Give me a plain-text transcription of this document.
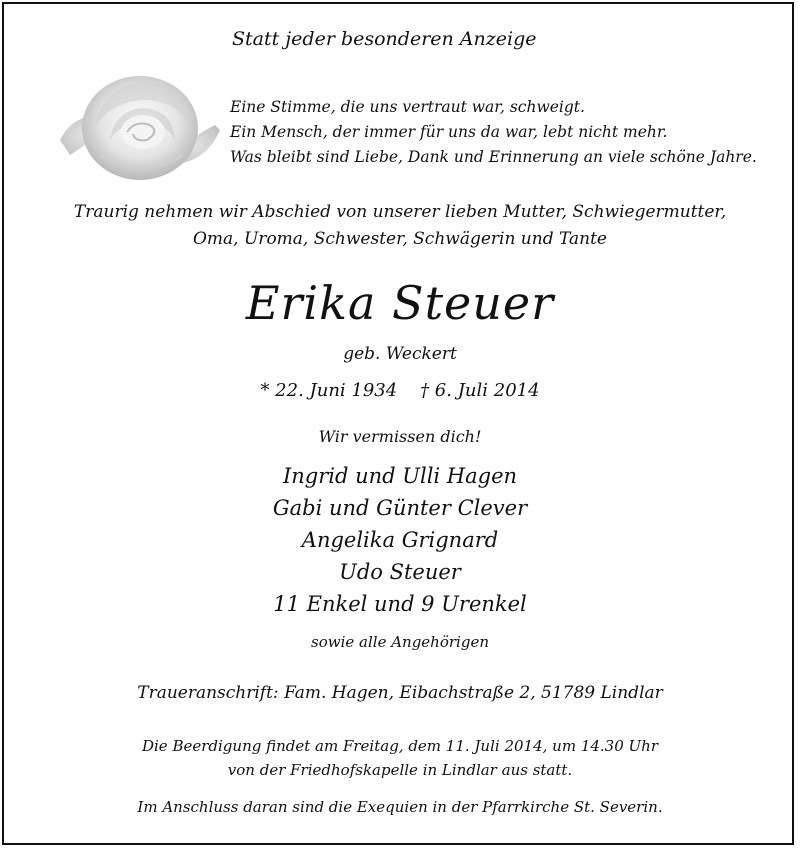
Statt jeder besonderen Anzeige
Eine Stimme, die uns vertraut war, schweigt.
Ein Mensch, der immer für uns da war, lebt nicht mehr.
Was bleibt sind Liebe, Dank und Erinnerung an viele schöne Jahre.
Traurig nehmen wir Abschied von unserer lieben Mutter, Schwiegermutter,
Oma, Uroma, Schwester, Schwägerin und Tante
Erika Steuer
geb. Weckert
* 22. Juni 1934    † 6. Juli 2014
Wir vermissen dich!
Ingrid und Ulli Hagen
Gabi und Günter Clever
Angelika Grignard
Udo Steuer
11 Enkel und 9 Urenkel
sowie alle Angehörigen
Traueranschrift: Fam. Hagen, Eibachstraße 2, 51789 Lindlar
Die Beerdigung findet am Freitag, dem 11. Juli 2014, um 14.30 Uhr
von der Friedhofskapelle in Lindlar aus statt.
Im Anschluss daran sind die Exequien in der Pfarrkirche St. Severin.
